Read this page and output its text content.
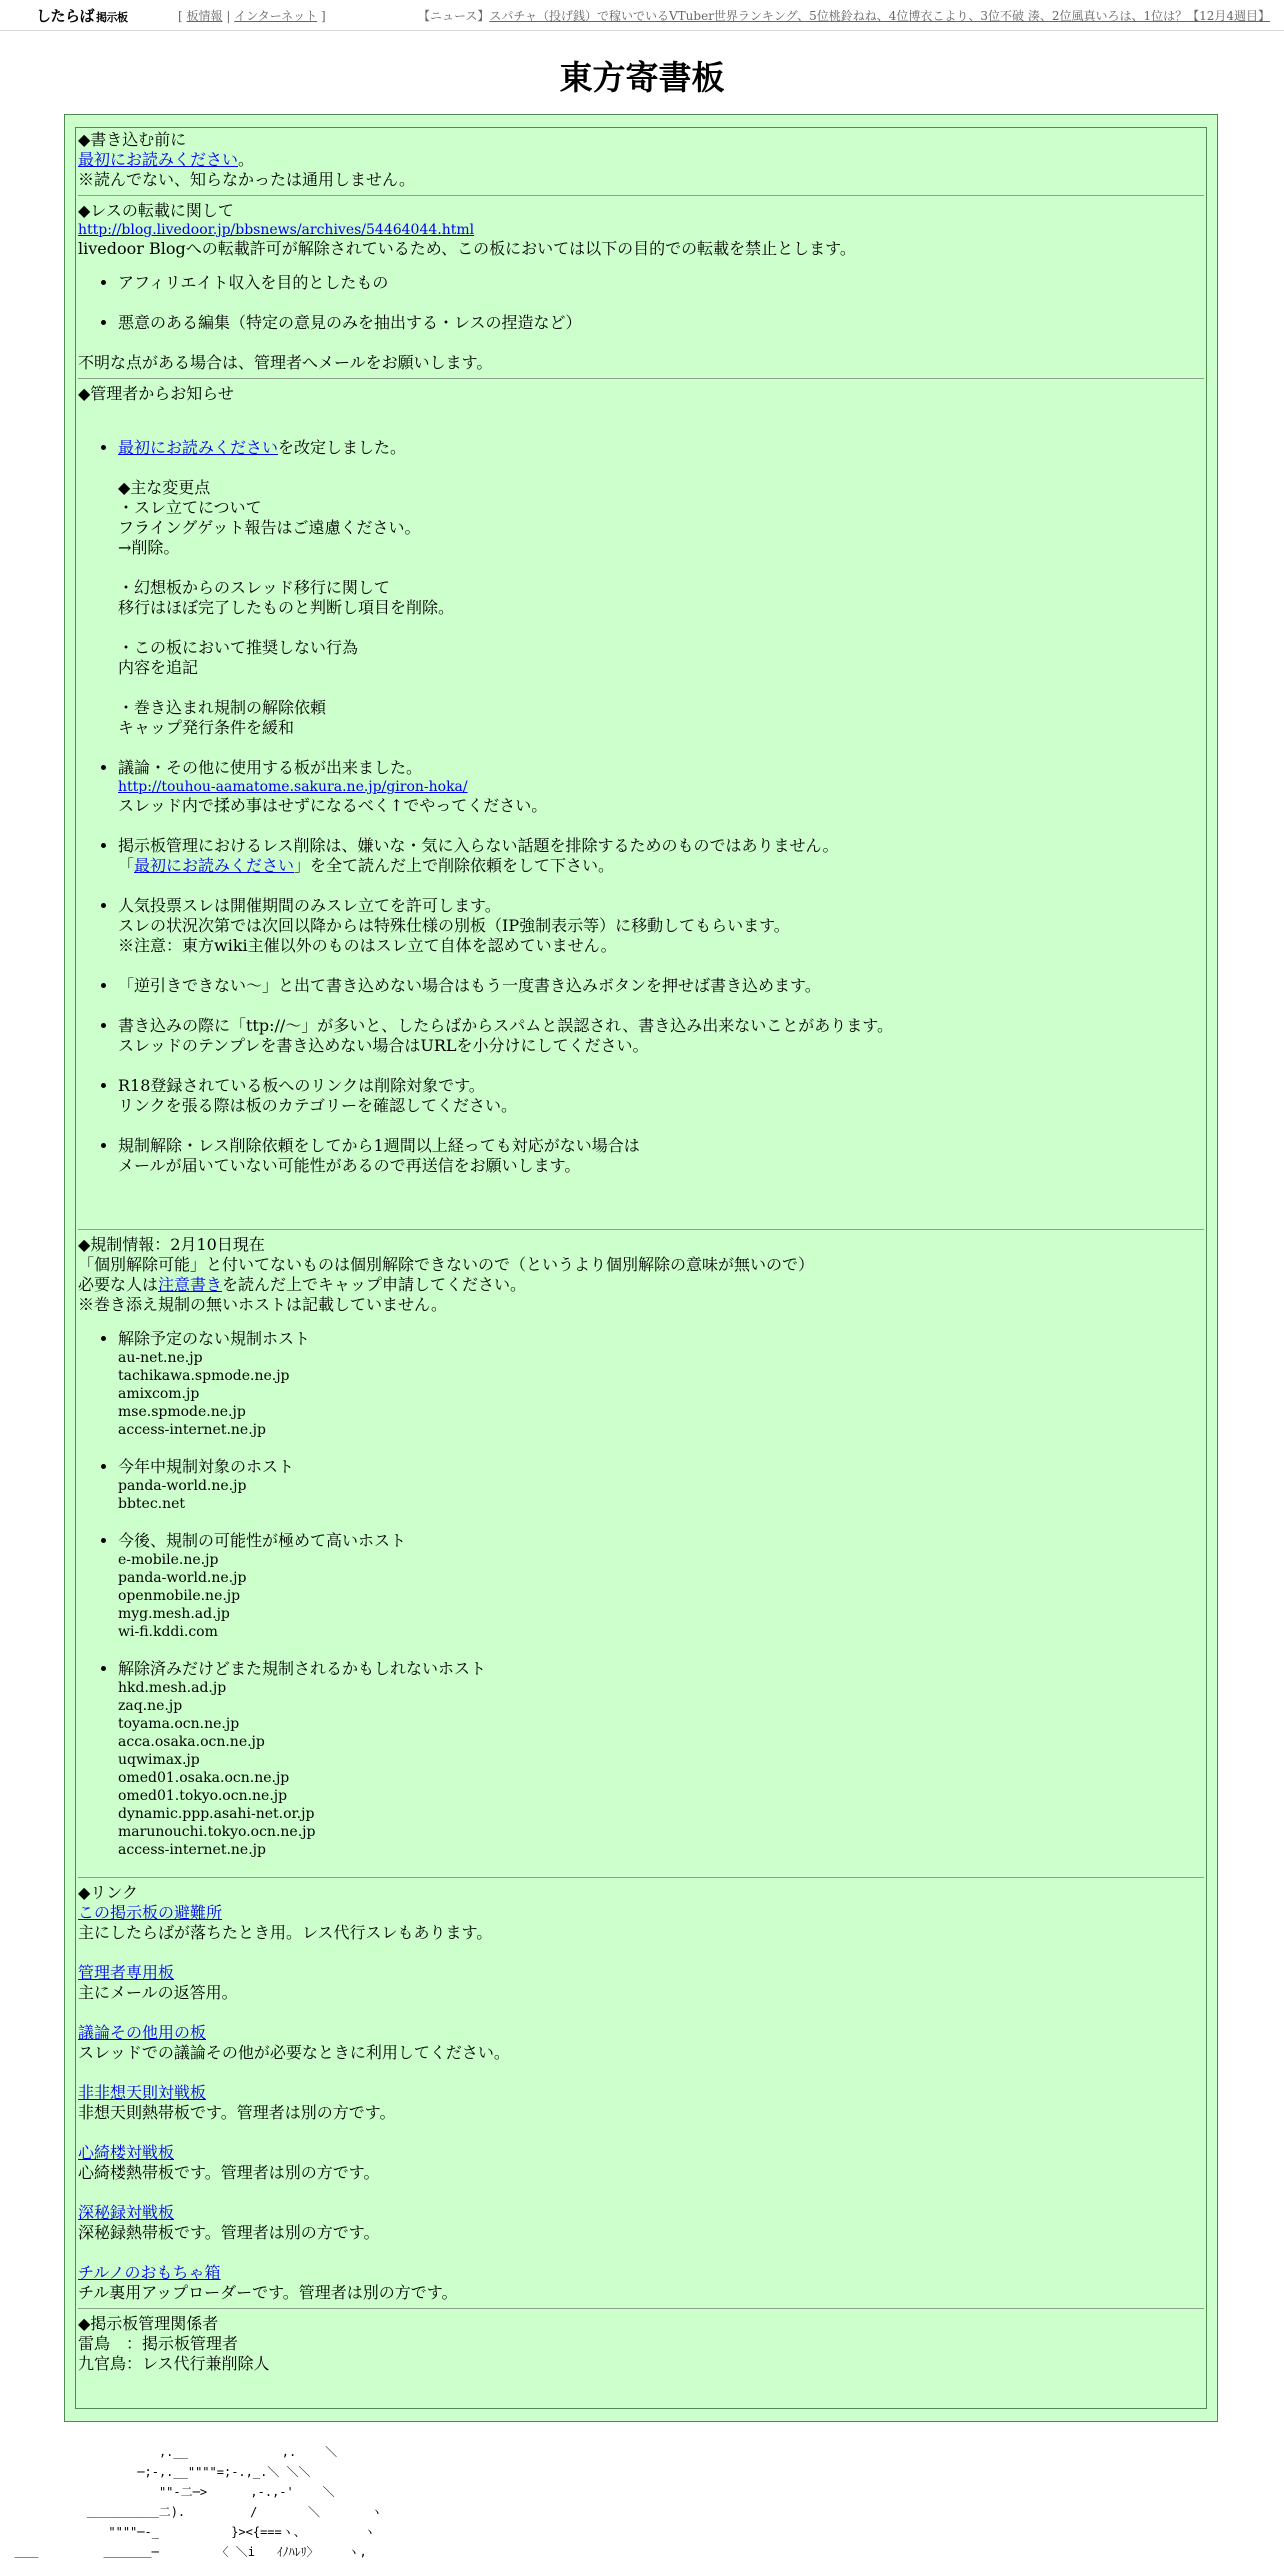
したらば 掲示板	[ 板情報 | インターネット ]	【ニュース】スパチャ（投げ銭）で稼いでいるVTuber世界ランキング、5位桃鈴ねね、4位博衣こより、3位不破 湊、2位風真いろは、1位は？【12月4週目】
東方寄書板

◆書き込む前に

最初にお読みください。

※読んでない、知らなかったは通用しません。

◆レスの転載に関して

http://blog.livedoor.jp/bbsnews/archives/54464044.html

livedoor Blogへの転載許可が解除されているため、この板においては以下の目的での転載を禁止とします。

• アフィリエイト収入を目的としたもの
• 悪意のある編集（特定の意見のみを抽出する・レスの捏造など）

不明な点がある場合は、管理者へメールをお願いします。

◆管理者からお知らせ

• 最初にお読みくださいを改定しました。
◆主な変更点
・スレ立てについて
フライングゲット報告はご遠慮ください。
→削除。
・幻想板からのスレッド移行に関して
移行はほぼ完了したものと判断し項目を削除。
・この板において推奨しない行為
内容を追記
・巻き込まれ規制の解除依頼
キャップ発行条件を緩和
• 議論・その他に使用する板が出来ました。
http://touhou-aamatome.sakura.ne.jp/giron-hoka/
スレッド内で揉め事はせずになるべく↑でやってください。
• 掲示板管理におけるレス削除は、嫌いな・気に入らない話題を排除するためのものではありません。
「最初にお読みください」を全て読んだ上で削除依頼をして下さい。
• 人気投票スレは開催期間のみスレ立てを許可します。
スレの状況次第では次回以降からは特殊仕様の別板（IP強制表示等）に移動してもらいます。
※注意：東方wiki主催以外のものはスレ立て自体を認めていません。
• 「逆引きできない～」と出て書き込めない場合はもう一度書き込みボタンを押せば書き込めます。
• 書き込みの際に「ttp://～」が多いと、したらばからスパムと誤認され、書き込み出来ないことがあります。
スレッドのテンプレを書き込めない場合はURLを小分けにしてください。
• R18登録されている板へのリンクは削除対象です。
リンクを張る際は板のカテゴリーを確認してください。
• 規制解除・レス削除依頼をしてから1週間以上経っても対応がない場合は
メールが届いていない可能性があるので再送信をお願いします。

◆規制情報：2月10日現在

「個別解除可能」と付いてないものは個別解除できないので（というより個別解除の意味が無いので）

必要な人は注意書きを読んだ上でキャップ申請してください。

※巻き添え規制の無いホストは記載していません。

• 解除予定のない規制ホスト
au-net.ne.jp
tachikawa.spmode.ne.jp
amixcom.jp
mse.spmode.ne.jp
access-internet.ne.jp
• 今年中規制対象のホスト
panda-world.ne.jp
bbtec.net
• 今後、規制の可能性が極めて高いホスト
e-mobile.ne.jp
panda-world.ne.jp
openmobile.ne.jp
myg.mesh.ad.jp
wi-fi.kddi.com
• 解除済みだけどまた規制されるかもしれないホスト
hkd.mesh.ad.jp
zaq.ne.jp
toyama.ocn.ne.jp
acca.osaka.ocn.ne.jp
uqwimax.jp
omed01.osaka.ocn.ne.jp
omed01.tokyo.ocn.ne.jp
dynamic.ppp.asahi-net.or.jp
marunouchi.tokyo.ocn.ne.jp
access-internet.ne.jp

◆リンク

この掲示板の避難所

主にしたらばが落ちたとき用。レス代行スレもあります。

管理者専用板

主にメールの返答用。

議論その他用の板

スレッドでの議論その他が必要なときに利用してください。

非非想天則対戦板

非想天則熱帯板です。管理者は別の方です。

心綺楼対戦板

心綺楼熱帯板です。管理者は別の方です。

深秘録対戦板

深秘録熱帯板です。管理者は別の方です。

チルノのおもちゃ箱

チル裏用アップローダーです。管理者は別の方です。

◆掲示板管理関係者

雷鳥　：掲示板管理者

九官鳥：レス代行兼削除人

,.__             ,.    ＼
─;-,.__""""=;-.,_.＼ ＼＼
""-二─>      ,-.,-'    ＼
＿＿＿＿＿＿二).         /       ＼       ヽ
""""─-_          }><{===ヽ、        ヽ
＿＿         ＿＿＿＿─        〈 ＼i   ｲﾉﾊﾚﾘ〉    ヽ,
